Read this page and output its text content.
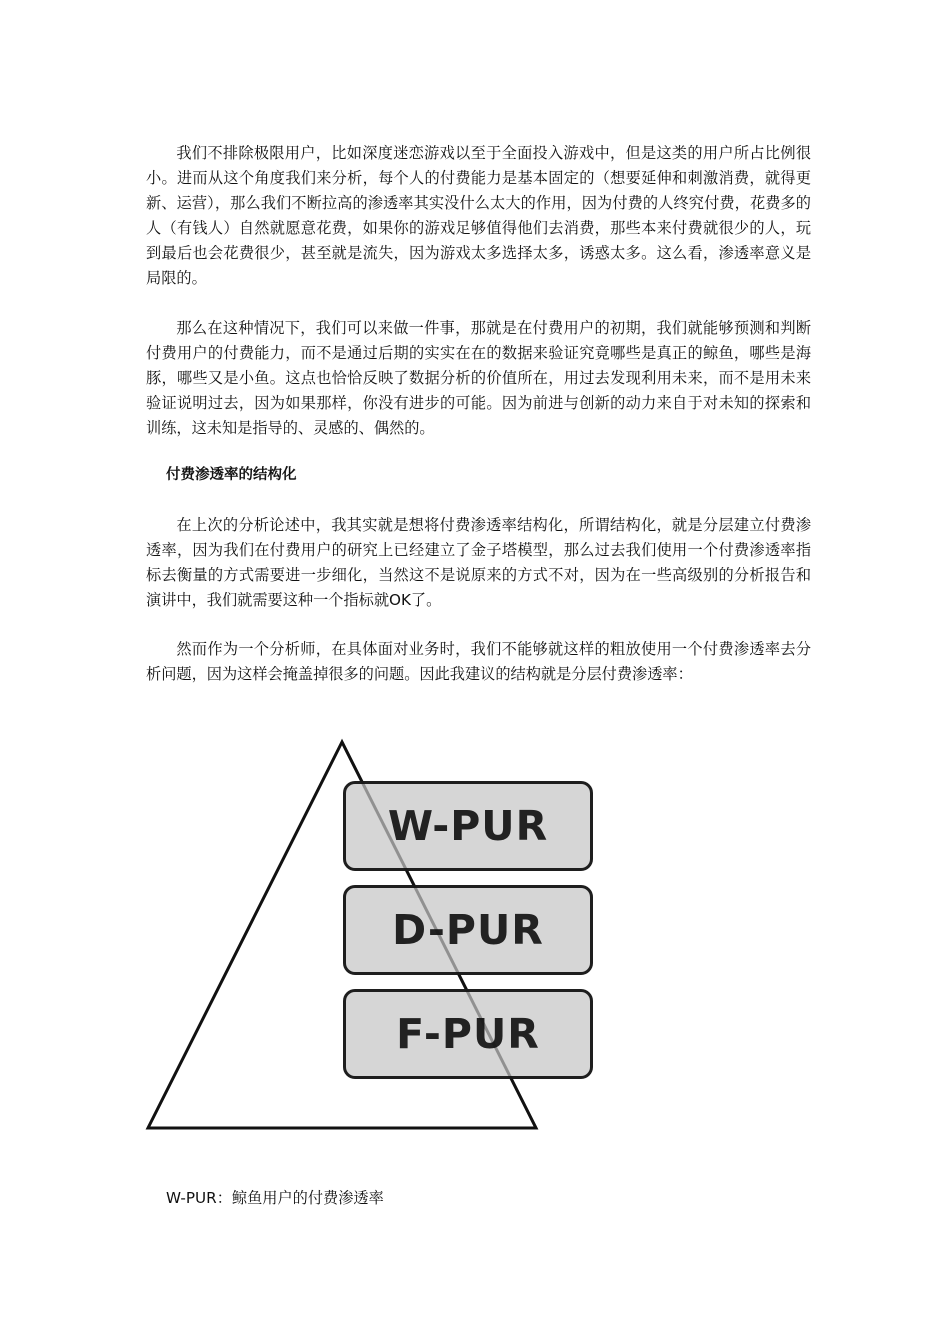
我们不排除极限用户，比如深度迷恋游戏以至于全面投入游戏中，但是这类的用户所占比例很小。进而从这个角度我们来分析，每个人的付费能力是基本固定的（想要延伸和刺激消费，就得更新、运营），那么我们不断拉高的渗透率其实没什么太大的作用，因为付费的人终究付费，花费多的人（有钱人）自然就愿意花费，如果你的游戏足够值得他们去消费，那些本来付费就很少的人，玩到最后也会花费很少，甚至就是流失，因为游戏太多选择太多，诱惑太多。这么看，渗透率意义是局限的。

那么在这种情况下，我们可以来做一件事，那就是在付费用户的初期，我们就能够预测和判断付费用户的付费能力，而不是通过后期的实实在在的数据来验证究竟哪些是真正的鲸鱼，哪些是海豚，哪些又是小鱼。这点也恰恰反映了数据分析的价值所在，用过去发现利用未来，而不是用未来验证说明过去，因为如果那样，你没有进步的可能。因为前进与创新的动力来自于对未知的探索和训练，这未知是指导的、灵感的、偶然的。

付费渗透率的结构化

在上次的分析论述中，我其实就是想将付费渗透率结构化，所谓结构化，就是分层建立付费渗透率，因为我们在付费用户的研究上已经建立了金子塔模型，那么过去我们使用一个付费渗透率指标去衡量的方式需要进一步细化，当然这不是说原来的方式不对，因为在一些高级别的分析报告和演讲中，我们就需要这种一个指标就OK了。

然而作为一个分析师，在具体面对业务时，我们不能够就这样的粗放使用一个付费渗透率去分析问题，因为这样会掩盖掉很多的问题。因此我建议的结构就是分层付费渗透率：

W-PUR
D-PUR
F-PUR

W-PUR：鲸鱼用户的付费渗透率
